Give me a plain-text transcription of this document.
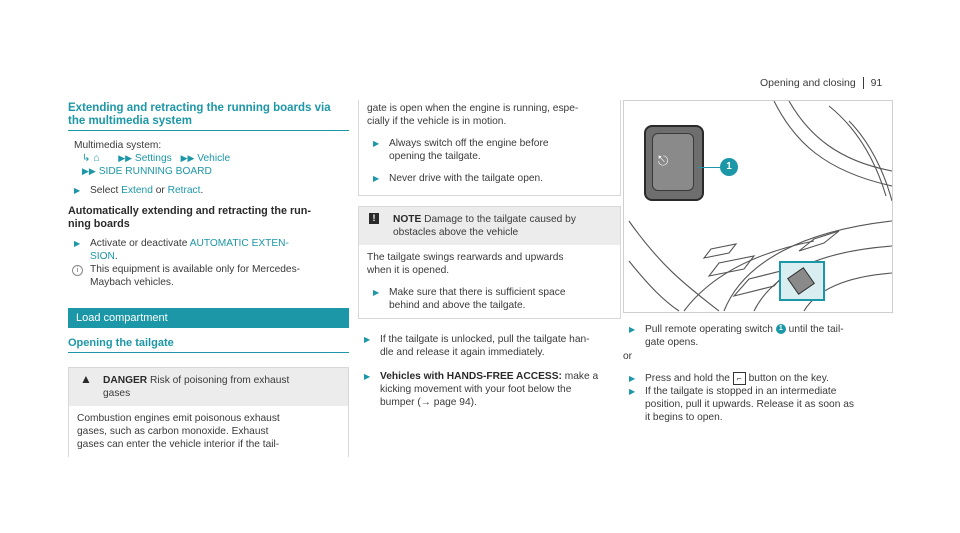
Opening and closing 91
Extending and retracting the running boards via
the multimedia system
Multimedia system:
↳ ⌂ ▶▶ Settings ▶▶ Vehicle
▶▶ SIDE RUNNING BOARD
▶ Select Extend or Retract.
Automatically extending and retracting the run-
ning boards
▶ Activate or deactivate AUTOMATIC EXTEN-
SION.
i	This equipment is available only for Mercedes-
Maybach vehicles.
Load compartment
Opening the tailgate
▲ DANGER Risk of poisoning from exhaust
gases
Combustion engines emit poisonous exhaust
gases, such as carbon monoxide. Exhaust
gases can enter the vehicle interior if the tail-
gate is open when the engine is running, espe-
cially if the vehicle is in motion.
▶ Always switch off the engine before
opening the tailgate.
▶ Never drive with the tailgate open.
!	NOTE Damage to the tailgate caused by
obstacles above the vehicle
The tailgate swings rearwards and upwards
when it is opened.
▶ Make sure that there is sufficient space
behind and above the tailgate.
▶ If the tailgate is unlocked, pull the tailgate han-
dle and release it again immediately.
▶ Vehicles with HANDS-FREE ACCESS: make a
kicking movement with your foot below the
bumper (→ page 94).
⎋	1
▶ Pull remote operating switch 1 until the tail-
gate opens.
or
▶ Press and hold the ⌐ button on the key.
▶ If the tailgate is stopped in an intermediate
position, pull it upwards. Release it as soon as
it begins to open.
